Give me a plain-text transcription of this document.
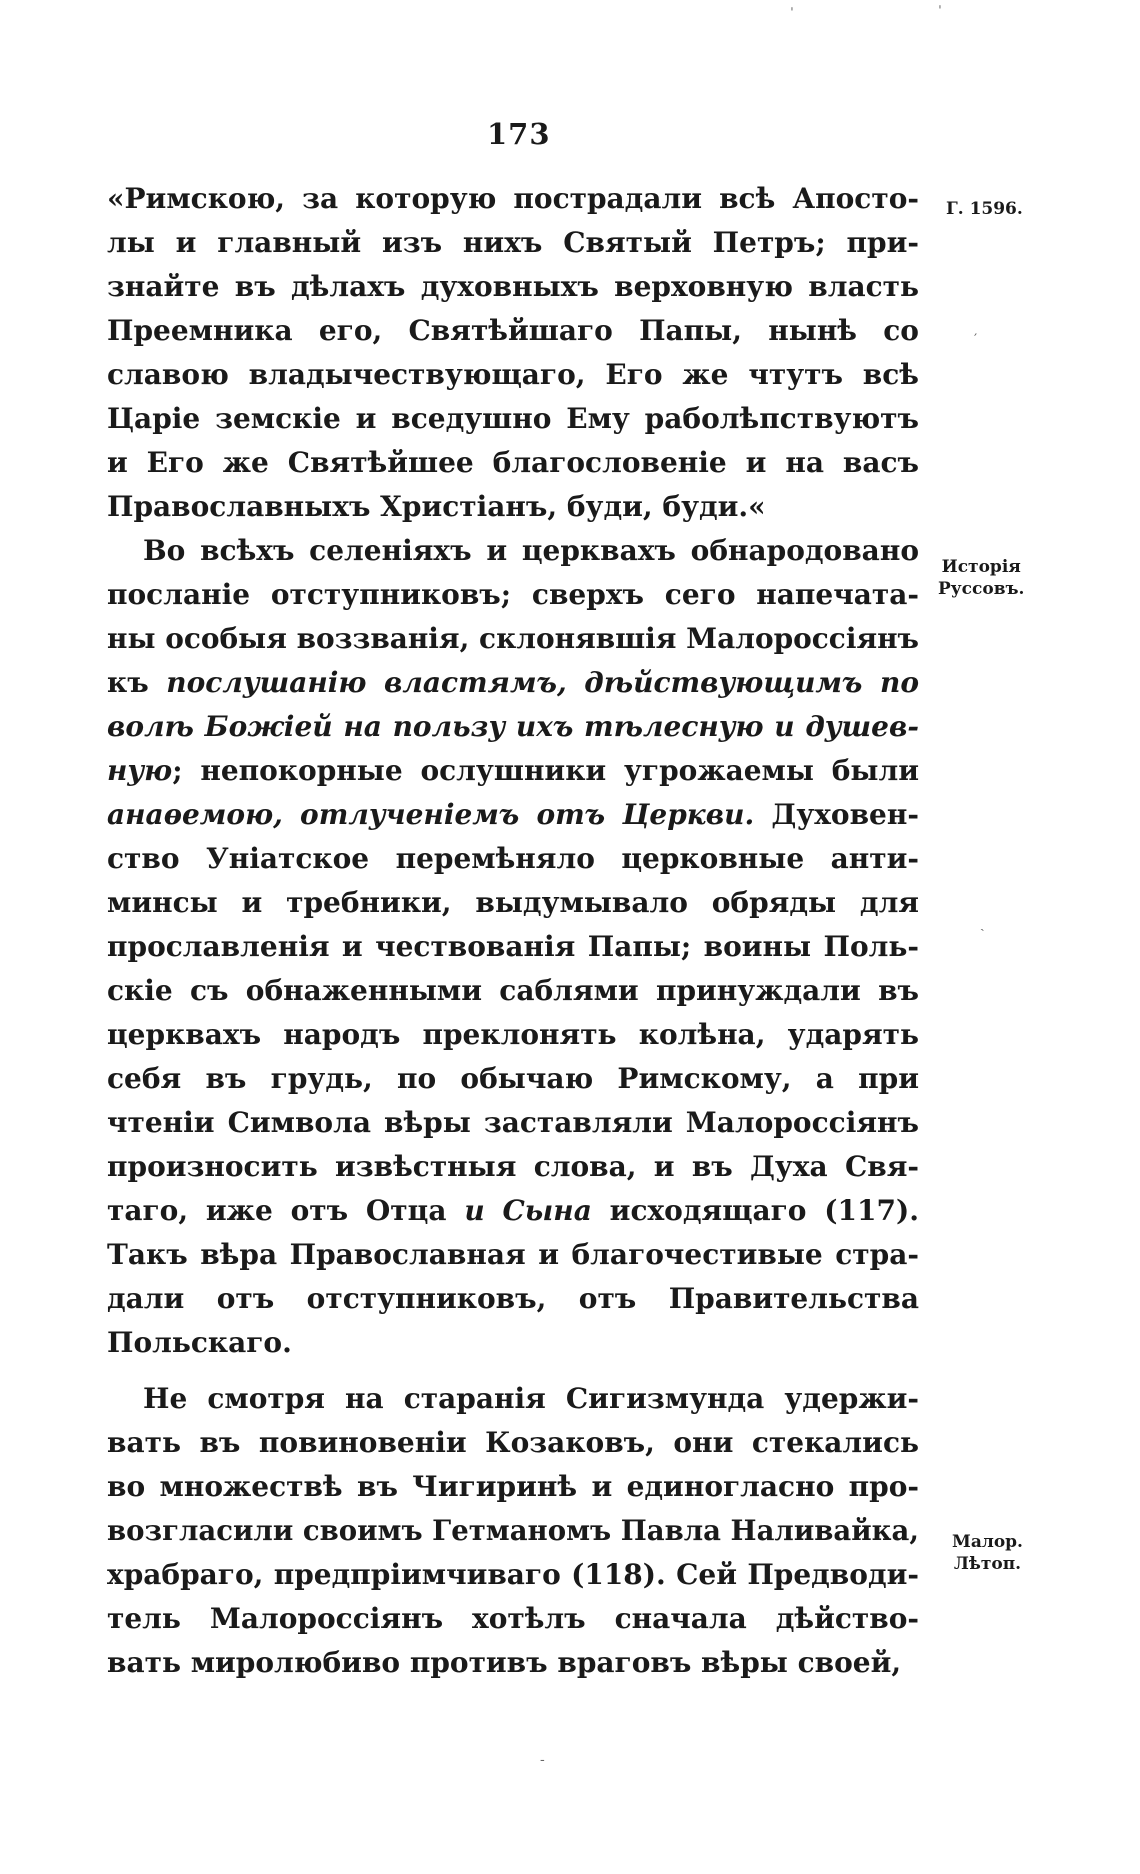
173
«Римскою, за которую пострадали всѣ Апосто-
лы и главный изъ нихъ Святый Петръ; при-
знайте въ дѣлахъ духовныхъ верховную власть
Преемника его, Святѣйшаго Папы, нынѣ со
славою владычествующаго, Его же чтутъ всѣ
Царіе земскіе и вседушно Ему раболѣпствуютъ
и Его же Святѣйшее благословеніе и на васъ
Православныхъ Христіанъ, буди, буди.«
Во всѣхъ селеніяхъ и церквахъ обнародовано
посланіе отступниковъ; сверхъ сего напечата-
ны особыя воззванія, склонявшія Малороссіянъ
къ послушанію властямъ, дѣйствующимъ по
волѣ Божіей на пользу ихъ тѣлесную и душев-
ную; непокорные ослушники угрожаемы были
анаѳемою, отлученіемъ отъ Церкви. Духовен-
ство Уніатское перемѣняло церковные анти-
минсы и требники, выдумывало обряды для
прославленія и чествованія Папы; воины Поль-
скіе съ обнаженными саблями принуждали въ
церквахъ народъ преклонять колѣна, ударять
себя въ грудь, по обычаю Римскому, а при
чтеніи Символа вѣры заставляли Малороссіянъ
произносить извѣстныя слова, и въ Духа Свя-
таго, иже отъ Отца и Сына исходящаго (117).
Такъ вѣра Православная и благочестивые стра-
дали отъ отступниковъ, отъ Правительства
Польскаго.
Не смотря на старанія Сигизмунда удержи-
вать въ повиновеніи Козаковъ, они стекались
во множествѣ въ Чигиринѣ и единогласно про-
возгласили своимъ Гетманомъ Павла Наливайка,
храбраго, предпріимчиваго (118). Сей Предводи-
тель Малороссіянъ хотѣлъ сначала дѣйство-
вать миролюбиво противъ враговъ вѣры своей,
Г. 1596.
Исторія
Руссовъ.
Малор.
Лѣтоп.
′
ˎ
ˈ	ˈ
-
